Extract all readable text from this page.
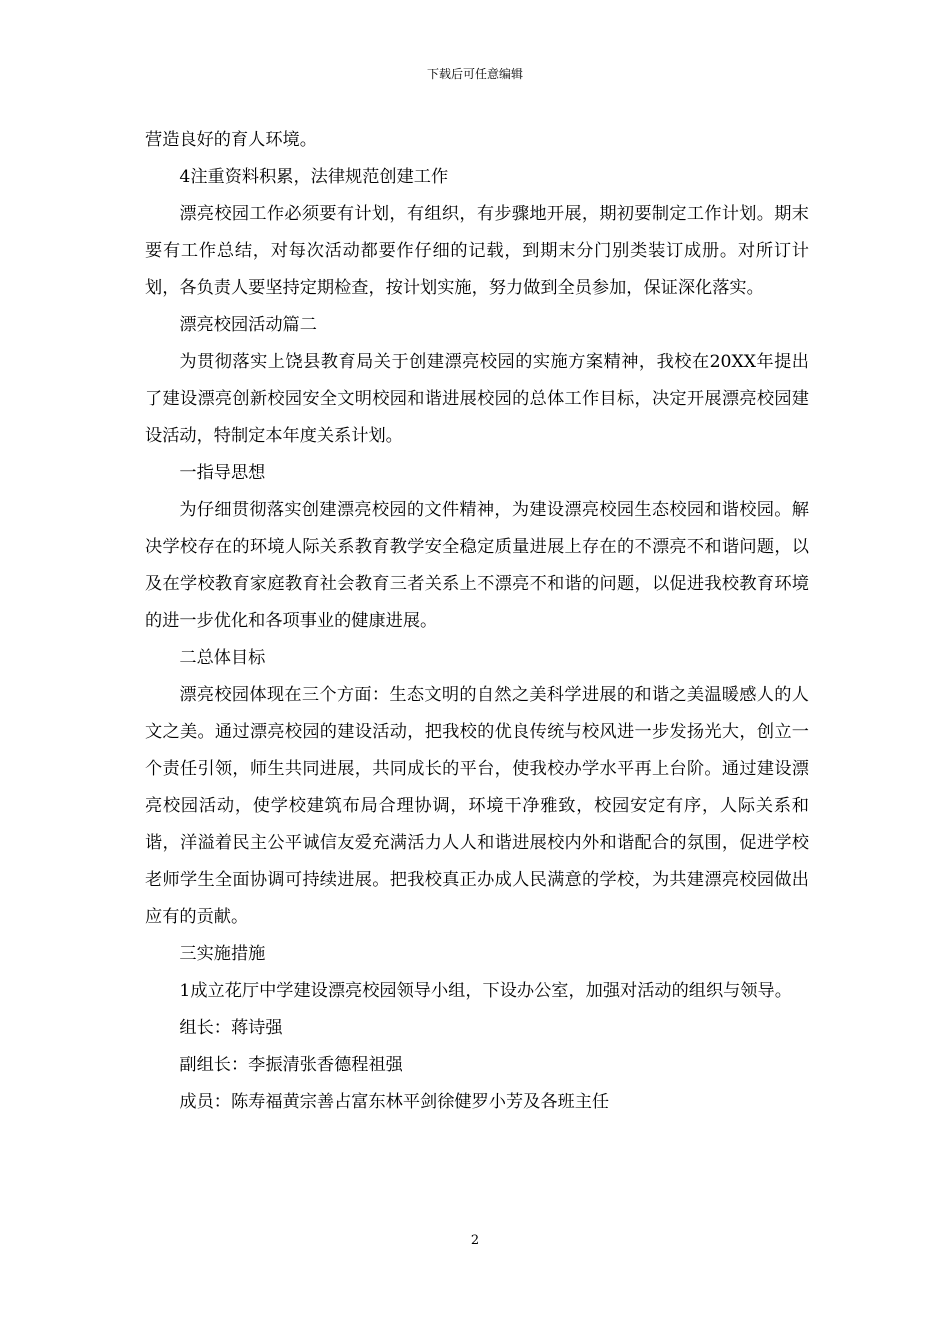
下载后可任意编辑

营造良好的育人环境。

4注重资料积累，法律规范创建工作

漂亮校园工作必须要有计划，有组织，有步骤地开展，期初要制定工作计划。期末要有工作总结，对每次活动都要作仔细的记载，到期末分门别类装订成册。对所订计划，各负责人要坚持定期检查，按计划实施，努力做到全员参加，保证深化落实。

漂亮校园活动篇二

为贯彻落实上饶县教育局关于创建漂亮校园的实施方案精神，我校在20XX年提出了建设漂亮创新校园安全文明校园和谐进展校园的总体工作目标，决定开展漂亮校园建设活动，特制定本年度关系计划。

一指导思想

为仔细贯彻落实创建漂亮校园的文件精神，为建设漂亮校园生态校园和谐校园。解决学校存在的环境人际关系教育教学安全稳定质量进展上存在的不漂亮不和谐问题，以及在学校教育家庭教育社会教育三者关系上不漂亮不和谐的问题，以促进我校教育环境的进一步优化和各项事业的健康进展。

二总体目标

漂亮校园体现在三个方面：生态文明的自然之美科学进展的和谐之美温暖感人的人文之美。通过漂亮校园的建设活动，把我校的优良传统与校风进一步发扬光大，创立一个责任引领，师生共同进展，共同成长的平台，使我校办学水平再上台阶。通过建设漂亮校园活动，使学校建筑布局合理协调，环境干净雅致，校园安定有序，人际关系和谐，洋溢着民主公平诚信友爱充满活力人人和谐进展校内外和谐配合的氛围，促进学校老师学生全面协调可持续进展。把我校真正办成人民满意的学校，为共建漂亮校园做出应有的贡献。

三实施措施

1成立花厅中学建设漂亮校园领导小组，下设办公室，加强对活动的组织与领导。

组长：蒋诗强

副组长：李振清张香德程祖强

成员：陈寿福黄宗善占富东林平剑徐健罗小芳及各班主任

2
